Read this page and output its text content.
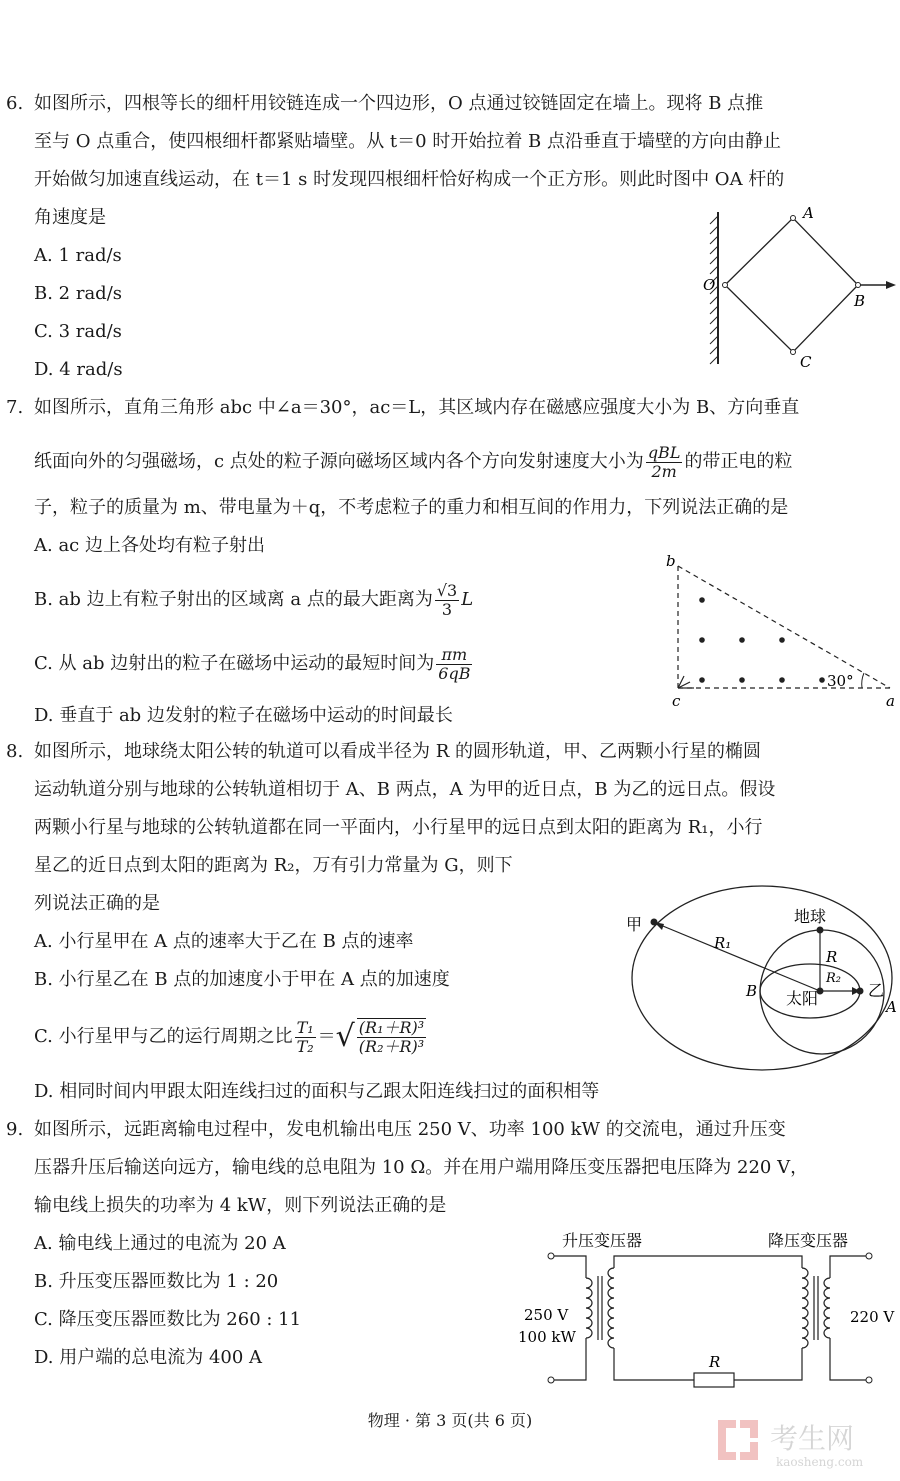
6. 如图所示，四根等长的细杆用铰链连成一个四边形，O 点通过铰链固定在墙上。现将 B 点推
至与 O 点重合，使四根细杆都紧贴墙壁。从 t＝0 时开始拉着 B 点沿垂直于墙壁的方向由静止
开始做匀加速直线运动，在 t＝1 s 时发现四根细杆恰好构成一个正方形。则此时图中 OA 杆的
角速度是
A. 1 rad/s
B. 2 rad/s
C. 3 rad/s
D. 4 rad/s
A
B
C
O
7. 如图所示，直角三角形 abc 中∠a＝30°，ac＝L，其区域内存在磁感应强度大小为 B、方向垂直
纸面向外的匀强磁场，c 点处的粒子源向磁场区域内各个方向发射速度大小为 $\frac{\text{qBL}}{2m}$ 的带正电的粒
子，粒子的质量为 m、带电量为＋q，不考虑粒子的重力和相互间的作用力，下列说法正确的是
A. ac 边上各处均有粒子射出
B. ab 边上有粒子射出的区域离 a 点的最大距离为 $\frac{√3}{3}$ L
C. 从 ab 边射出的粒子在磁场中运动的最短时间为 $\frac{\pi m}{6qB}$
D. 垂直于 ab 边发射的粒子在磁场中运动的时间最长
30°
b
c	a
8. 如图所示，地球绕太阳公转的轨道可以看成半径为 R 的圆形轨道，甲、乙两颗小行星的椭圆
运动轨道分别与地球的公转轨道相切于 A、B 两点，A 为甲的近日点，B 为乙的远日点。假设
两颗小行星与地球的公转轨道都在同一平面内，小行星甲的远日点到太阳的距离为 R₁，小行
星乙的近日点到太阳的距离为 R₂，万有引力常量为 G，则下
列说法正确的是
A. 小行星甲在 A 点的速率大于乙在 B 点的速率
B. 小行星乙在 B 点的加速度小于甲在 A 点的加速度
C. 小行星甲与乙的运行周期之比 $\frac{\text{T₁}}{\text{T₂}}$ ＝√ $\frac{\text{(R₁＋R)³}}{\text{(R₂＋R)³}}$
D. 相同时间内甲跟太阳连线扫过的面积与乙跟太阳连线扫过的面积相等
甲
乙
地球
太阳
R₁
R
R₂
B
A
9. 如图所示，远距离输电过程中，发电机输出电压 250 V、功率 100 kW 的交流电，通过升压变
压器升压后输送向远方，输电线的总电阻为 10 Ω。并在用户端用降压变压器把电压降为 220 V，
输电线上损失的功率为 4 kW，则下列说法正确的是
A. 输电线上通过的电流为 20 A
B. 升压变压器匝数比为 1 : 20
C. 降压变压器匝数比为 260 : 11
D. 用户端的总电流为 400 A
升压变压器	降压变压器
R
250 V
100 kW
220 V
物理 · 第 3 页(共 6 页)
考生网
kaosheng.com
